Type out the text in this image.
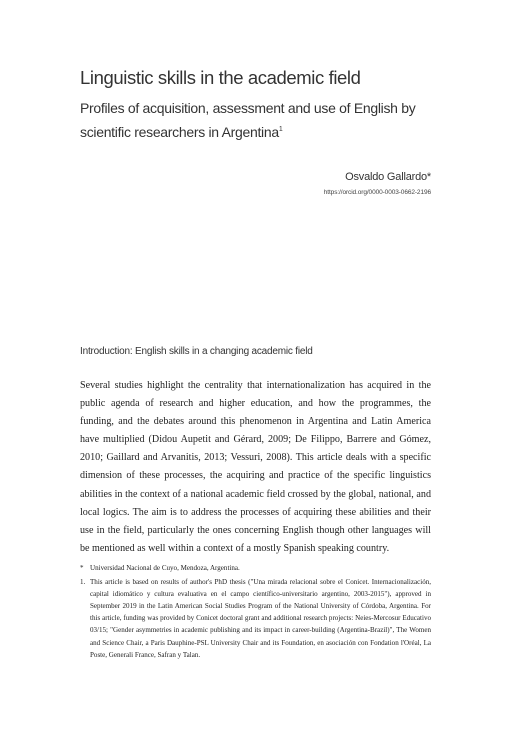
Linguistic skills in the academic field
Profiles of acquisition, assessment and use of English by scientific researchers in Argentina$^1$
Osvaldo Gallardo*
https://orcid.org/0000-0003-0662-2196
Introduction: English skills in a changing academic field

Several studies highlight the centrality that internationalization has acquired in the public agenda of research and higher education, and how the programmes, the funding, and the debates around this phenomenon in Argentina and Latin America have multiplied (Didou Aupetit and Gérard, 2009; De Filippo, Barrere and Gómez, 2010; Gaillard and Arvanitis, 2013; Vessuri, 2008). This article deals with a specific dimension of these processes, the acquiring and practice of the specific linguistics abilities in the context of a national academic field crossed by the global, national, and local logics. The aim is to address the processes of acquiring these abilities and their use in the field, particularly the ones concerning English though other languages will be mentioned as well within a context of a mostly Spanish speaking country.

* Universidad Nacional de Cuyo, Mendoza, Argentina.
1. This article is based on results of author's PhD thesis ("Una mirada relacional sobre el Conicet. Internacionalización, capital idiomático y cultura evaluativa en el campo científico-universitario argentino, 2003-2015"), approved in September 2019 in the Latin American Social Studies Program of the National University of Córdoba, Argentina. For this article, funding was provided by Conicet doctoral grant and additional research projects: Neies-Mercosur Educativo 03/15; "Gender asymmetries in academic publishing and its impact in career-building (Argentina-Brazil)", The Women and Science Chair, a Paris Dauphine-PSL University Chair and its Foundation, en asociación con Fondation l'Oréal, La Poste, Generali France, Safran y Talan.
